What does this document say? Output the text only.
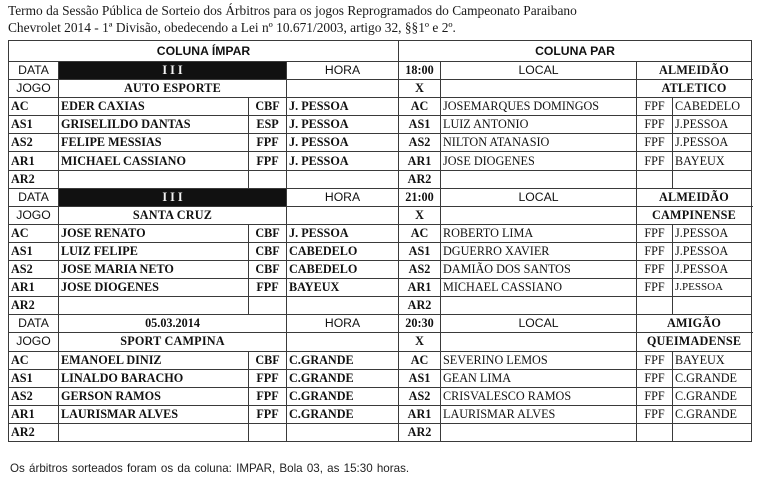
Termo da Sessão Pública de Sorteio dos Árbitros para os jogos Reprogramados do Campeonato Paraibano
Chevrolet 2014 - 1ª Divisão, obedecendo a Lei nº 10.671/2003, artigo 32, §§1º e 2º.
COLUNA ÍMPAR				COLUNA PAR			
DATA	I I I		HORA	18:00	LOCAL	ALMEIDÃO	
JOGO	AUTO ESPORTE			X		ATLETICO	
AC	EDER CAXIAS	CBF	J. PESSOA	AC	JOSEMARQUES DOMINGOS	FPF	CABEDELO
AS1	GRISELILDO DANTAS	ESP	J. PESSOA	AS1	LUIZ ANTONIO	FPF	J.PESSOA
AS2	FELIPE MESSIAS	FPF	J. PESSOA	AS2	NILTON ATANASIO	FPF	J.PESSOA
AR1	MICHAEL CASSIANO	FPF	J. PESSOA	AR1	JOSE DIOGENES	FPF	BAYEUX
AR2				AR2			
DATA	I I I		HORA	21:00	LOCAL	ALMEIDÃO	
JOGO	SANTA CRUZ			X		CAMPINENSE	
AC	JOSE RENATO	CBF	J. PESSOA	AC	ROBERTO LIMA	FPF	J.PESSOA
AS1	LUIZ FELIPE	CBF	CABEDELO	AS1	DGUERRO XAVIER	FPF	J.PESSOA
AS2	JOSE MARIA NETO	CBF	CABEDELO	AS2	DAMIÃO DOS SANTOS	FPF	J.PESSOA
AR1	JOSE DIOGENES	FPF	BAYEUX	AR1	MICHAEL CASSIANO	FPF	J.PESSOA
AR2				AR2			
DATA	05.03.2014		HORA	20:30	LOCAL	AMIGÃO	
JOGO	SPORT CAMPINA			X		QUEIMADENSE	
AC	EMANOEL DINIZ	CBF	C.GRANDE	AC	SEVERINO LEMOS	FPF	BAYEUX
AS1	LINALDO BARACHO	FPF	C.GRANDE	AS1	GEAN LIMA	FPF	C.GRANDE
AS2	GERSON RAMOS	FPF	C.GRANDE	AS2	CRISVALESCO RAMOS	FPF	C.GRANDE
AR1	LAURISMAR ALVES	FPF	C.GRANDE	AR1	LAURISMAR ALVES	FPF	C.GRANDE
AR2				AR2			
Os árbitros sorteados foram os da coluna: IMPAR, Bola 03, as 15:30 horas.
